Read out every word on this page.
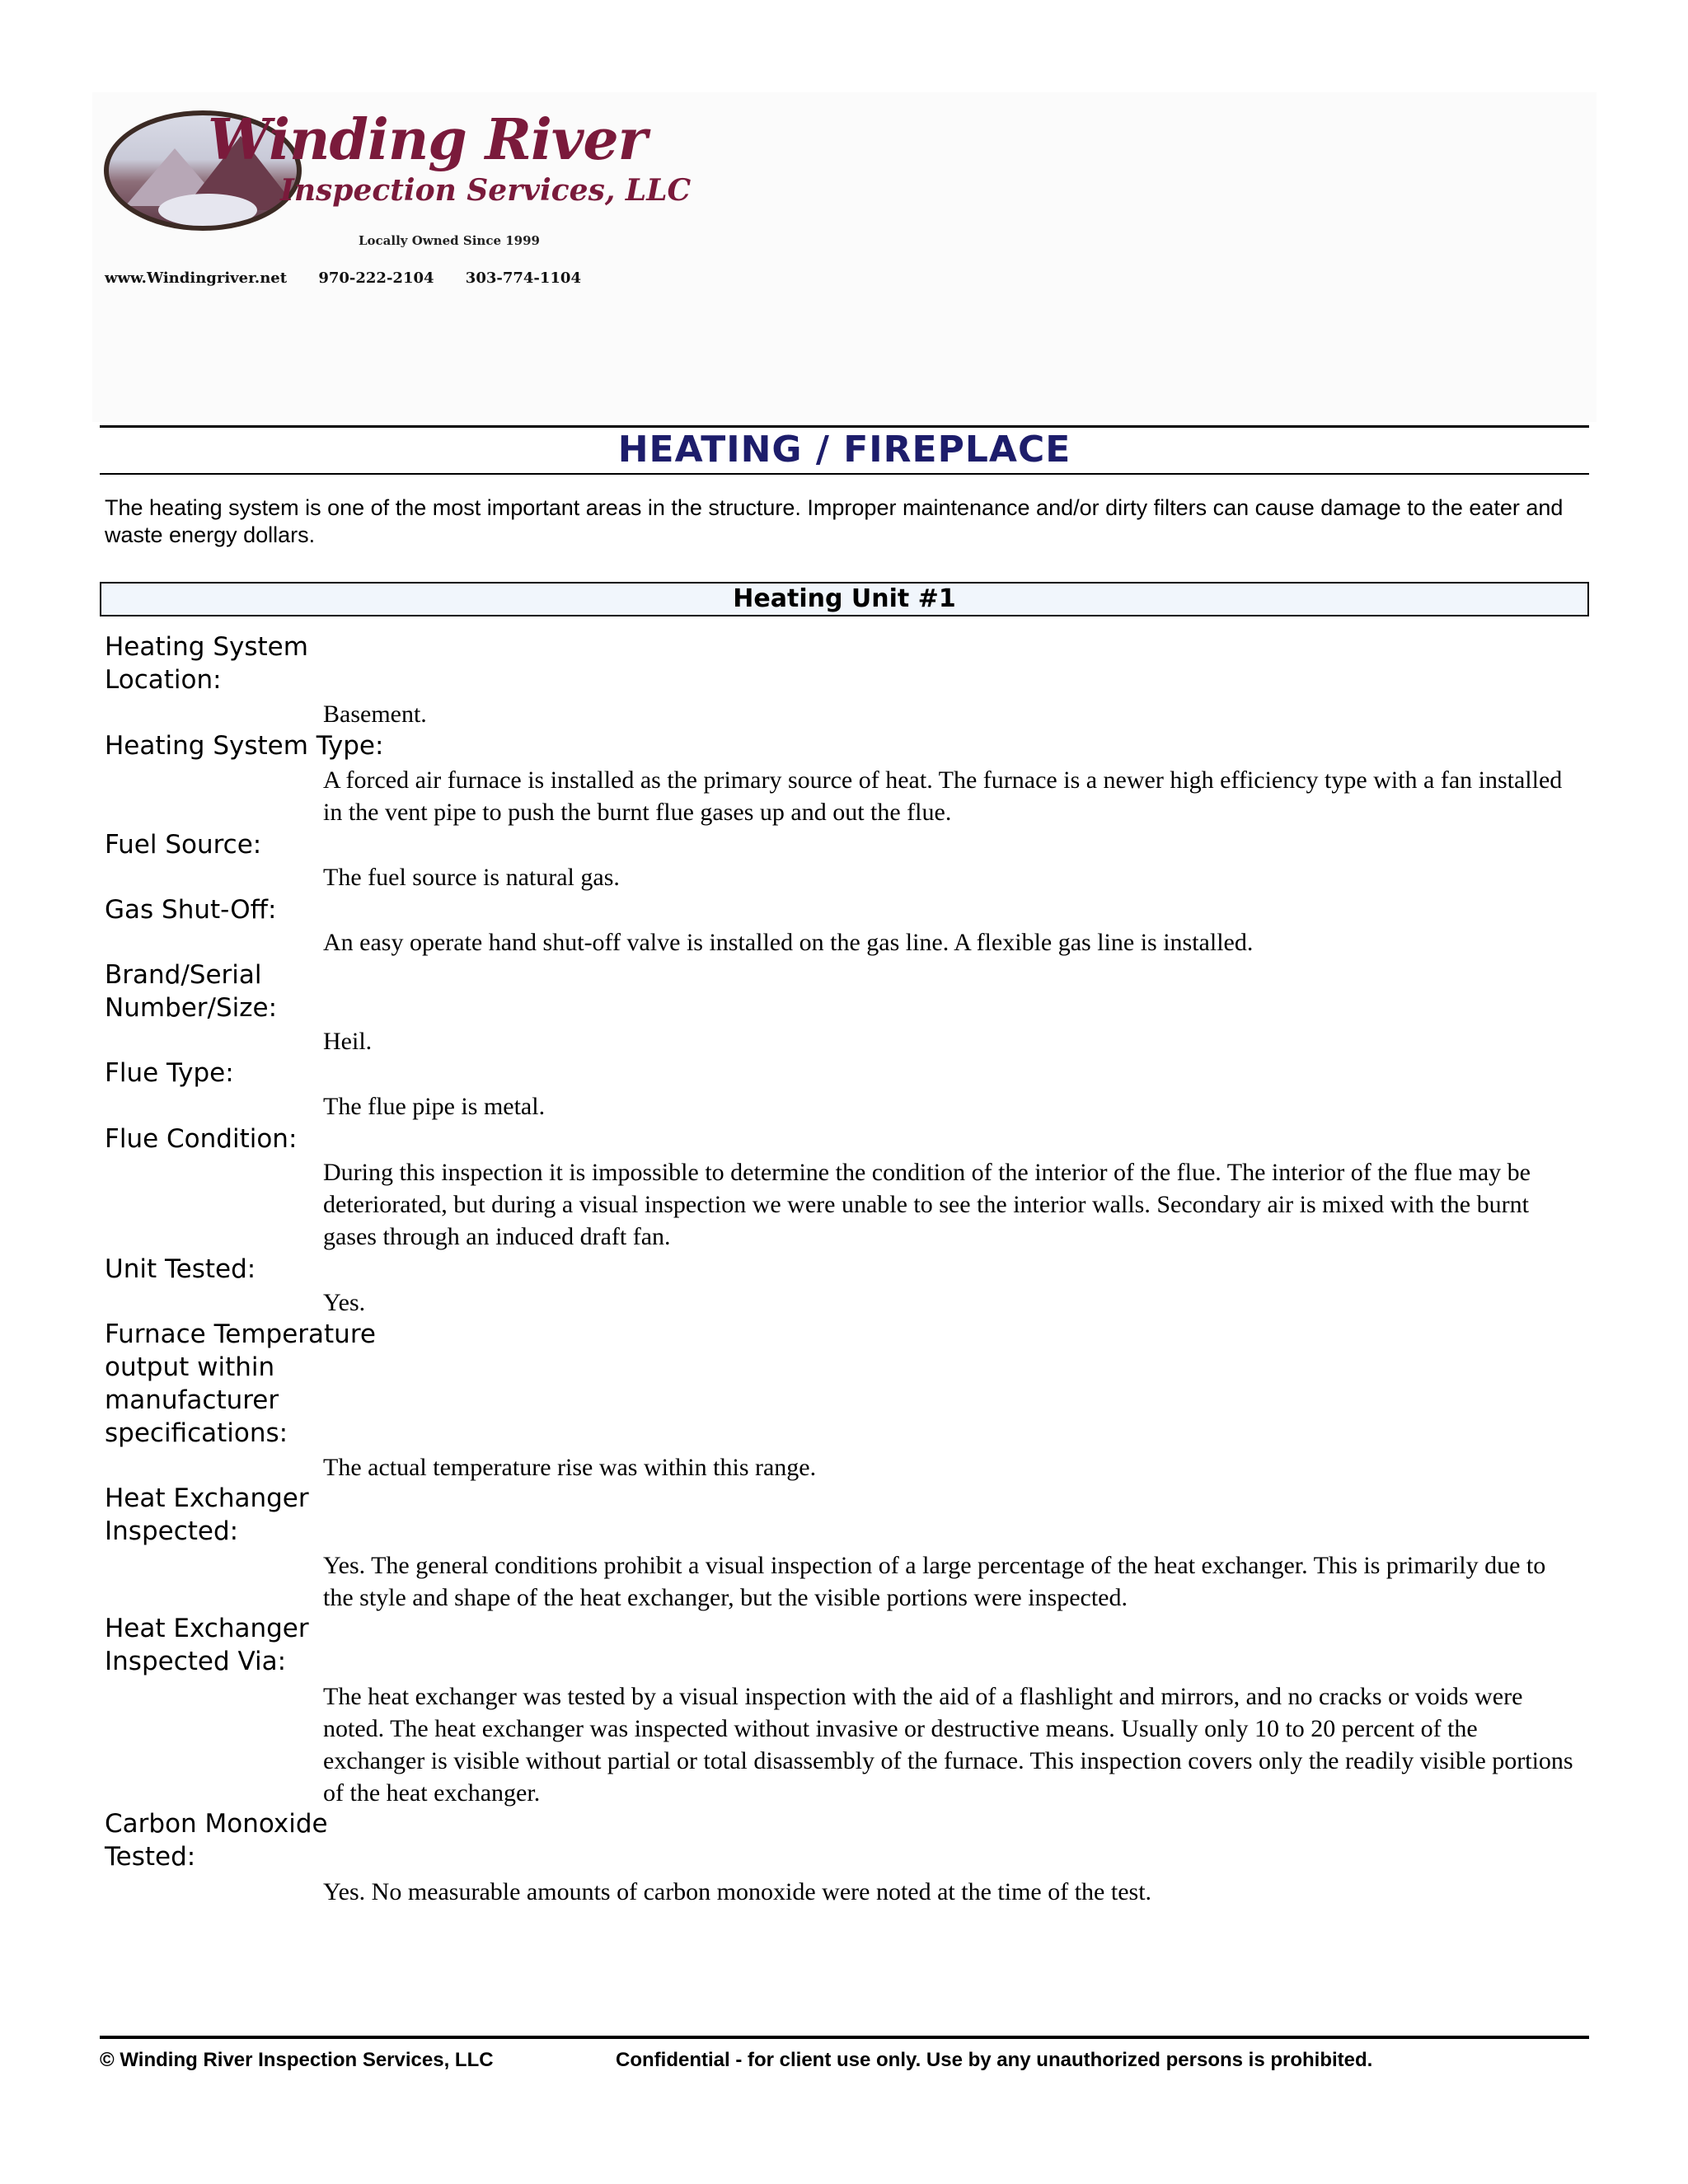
Winding River
Inspection Services, LLC
Locally Owned Since 1999
www.Windingriver.net 970-222-2104 303-774-1104
HEATING / FIREPLACE
The heating system is one of the most important areas in the structure. Improper maintenance and/or dirty filters can cause damage to the eater and waste energy dollars.
Heating Unit #1
Heating System
Location:
Basement.
Heating System Type:
A forced air furnace is installed as the primary source of heat. The furnace is a newer high efficiency type with a fan installed in the vent pipe to push the burnt flue gases up and out the flue.
Fuel Source:
The fuel source is natural gas.
Gas Shut-Off:
An easy operate hand shut-off valve is installed on the gas line. A flexible gas line is installed.
Brand/Serial
Number/Size:
Heil.
Flue Type:
The flue pipe is metal.
Flue Condition:
During this inspection it is impossible to determine the condition of the interior of the flue. The interior of the flue may be deteriorated, but during a visual inspection we were unable to see the interior walls. Secondary air is mixed with the burnt gases through an induced draft fan.
Unit Tested:
Yes.
Furnace Temperature
output within
manufacturer
specifications:
The actual temperature rise was within this range.
Heat Exchanger
Inspected:
Yes. The general conditions prohibit a visual inspection of a large percentage of the heat exchanger. This is primarily due to the style and shape of the heat exchanger, but the visible portions were inspected.
Heat Exchanger
Inspected Via:
The heat exchanger was tested by a visual inspection with the aid of a flashlight and mirrors, and no cracks or voids were noted. The heat exchanger was inspected without invasive or destructive means. Usually only 10 to 20 percent of the exchanger is visible without partial or total disassembly of the furnace. This inspection covers only the readily visible portions of the heat exchanger.
Carbon Monoxide
Tested:
Yes. No measurable amounts of carbon monoxide were noted at the time of the test.
© Winding River Inspection Services, LLC	Confidential - for client use only. Use by any unauthorized persons is prohibited.
